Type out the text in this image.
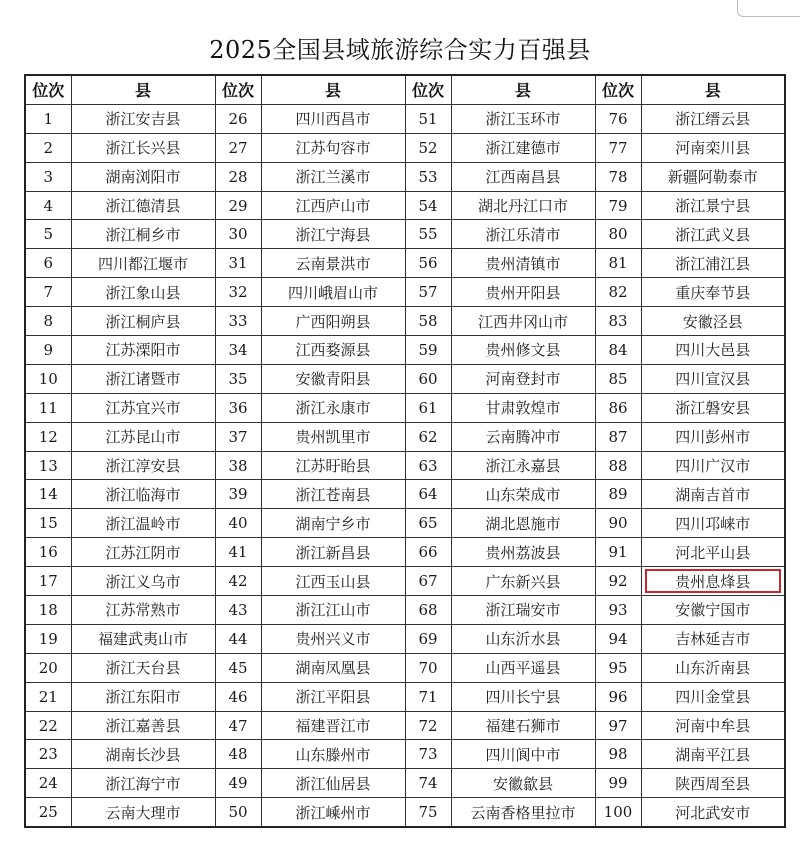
2025全国县域旅游综合实力百强县
位次	县	位次	县	位次	县	位次	县
1	浙江安吉县	26	四川西昌市	51	浙江玉环市	76	浙江缙云县
2	浙江长兴县	27	江苏句容市	52	浙江建德市	77	河南栾川县
3	湖南浏阳市	28	浙江兰溪市	53	江西南昌县	78	新疆阿勒泰市
4	浙江德清县	29	江西庐山市	54	湖北丹江口市	79	浙江景宁县
5	浙江桐乡市	30	浙江宁海县	55	浙江乐清市	80	浙江武义县
6	四川都江堰市	31	云南景洪市	56	贵州清镇市	81	浙江浦江县
7	浙江象山县	32	四川峨眉山市	57	贵州开阳县	82	重庆奉节县
8	浙江桐庐县	33	广西阳朔县	58	江西井冈山市	83	安徽泾县
9	江苏溧阳市	34	江西婺源县	59	贵州修文县	84	四川大邑县
10	浙江诸暨市	35	安徽青阳县	60	河南登封市	85	四川宣汉县
11	江苏宜兴市	36	浙江永康市	61	甘肃敦煌市	86	浙江磐安县
12	江苏昆山市	37	贵州凯里市	62	云南腾冲市	87	四川彭州市
13	浙江淳安县	38	江苏盱眙县	63	浙江永嘉县	88	四川广汉市
14	浙江临海市	39	浙江苍南县	64	山东荣成市	89	湖南吉首市
15	浙江温岭市	40	湖南宁乡市	65	湖北恩施市	90	四川邛崃市
16	江苏江阴市	41	浙江新昌县	66	贵州荔波县	91	河北平山县
17	浙江义乌市	42	江西玉山县	67	广东新兴县	92	贵州息烽县
18	江苏常熟市	43	浙江江山市	68	浙江瑞安市	93	安徽宁国市
19	福建武夷山市	44	贵州兴义市	69	山东沂水县	94	吉林延吉市
20	浙江天台县	45	湖南凤凰县	70	山西平遥县	95	山东沂南县
21	浙江东阳市	46	浙江平阳县	71	四川长宁县	96	四川金堂县
22	浙江嘉善县	47	福建晋江市	72	福建石狮市	97	河南中牟县
23	湖南长沙县	48	山东滕州市	73	四川阆中市	98	湖南平江县
24	浙江海宁市	49	浙江仙居县	74	安徽歙县	99	陕西周至县
25	云南大理市	50	浙江嵊州市	75	云南香格里拉市	100	河北武安市
